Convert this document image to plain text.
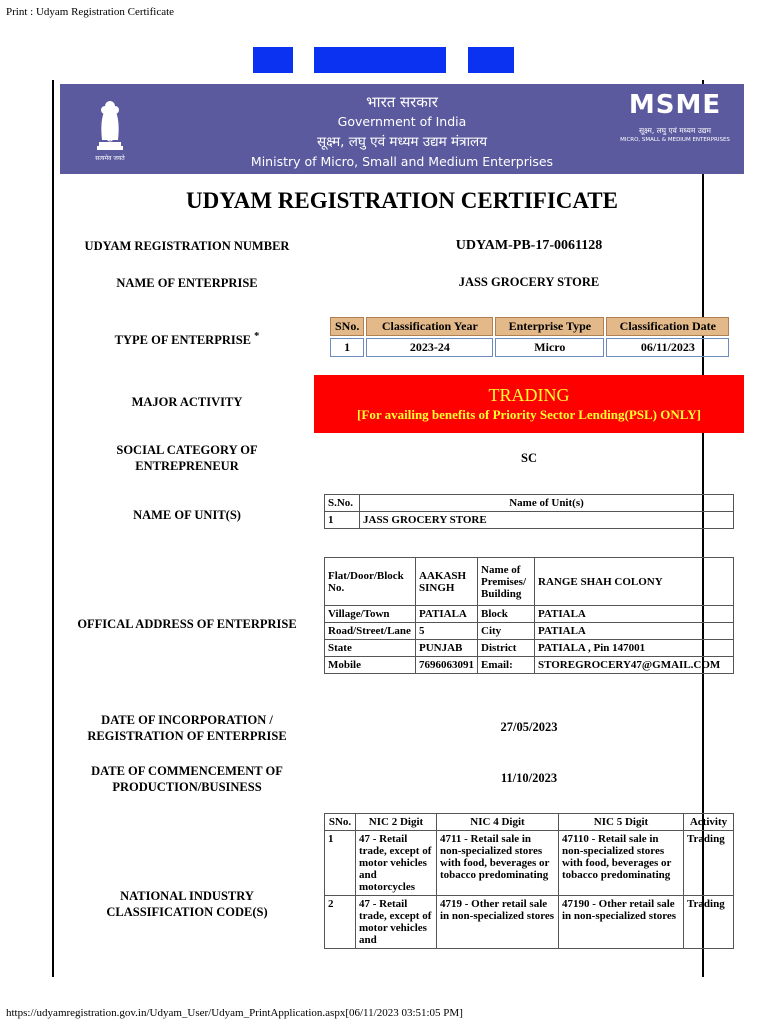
Print : Udyam Registration Certificate
सत्यमेव जयते
भारत सरकार
Government of India
सूक्ष्म, लघु एवं मध्यम उद्यम मंत्रालय
Ministry of Micro, Small and Medium Enterprises
MSME
सूक्ष्म, लघु एवं मध्यम उद्यम
MICRO, SMALL & MEDIUM ENTERPRISES
UDYAM REGISTRATION CERTIFICATE
UDYAM REGISTRATION NUMBER	UDYAM-PB-17-0061128
NAME OF ENTERPRISE	JASS GROCERY STORE
TYPE OF ENTERPRISE *
SNo.	Classification Year	Enterprise Type	Classification Date
1	2023-24	Micro	06/11/2023
MAJOR ACTIVITY	TRADING
[For availing benefits of Priority Sector Lending(PSL) ONLY]
SOCIAL CATEGORY OF
ENTREPRENEUR
SC
NAME OF UNIT(S)
S.No.	Name of Unit(s)
1	JASS GROCERY STORE
OFFICAL ADDRESS OF ENTERPRISE
Flat/Door/Block No.	AAKASH SINGH	Name of Premises/ Building	RANGE SHAH COLONY
Village/Town	PATIALA	Block	PATIALA
Road/Street/Lane	5	City	PATIALA
State	PUNJAB	District	PATIALA , Pin 147001
Mobile	7696063091	Email:	STOREGROCERY47@GMAIL.COM
DATE OF INCORPORATION /
REGISTRATION OF ENTERPRISE
27/05/2023
DATE OF COMMENCEMENT OF
PRODUCTION/BUSINESS
11/10/2023
NATIONAL INDUSTRY
CLASSIFICATION CODE(S)
SNo.	NIC 2 Digit	NIC 4 Digit	NIC 5 Digit	Activity
1	47 - Retail trade, except of motor vehicles and motorcycles	4711 - Retail sale in non-specialized stores with food, beverages or tobacco predominating	47110 - Retail sale in non-specialized stores with food, beverages or tobacco predominating	Trading
2	47 - Retail trade, except of motor vehicles and	4719 - Other retail sale in non-specialized stores	47190 - Other retail sale in non-specialized stores	Trading
https://udyamregistration.gov.in/Udyam_User/Udyam_PrintApplication.aspx[06/11/2023 03:51:05 PM]
